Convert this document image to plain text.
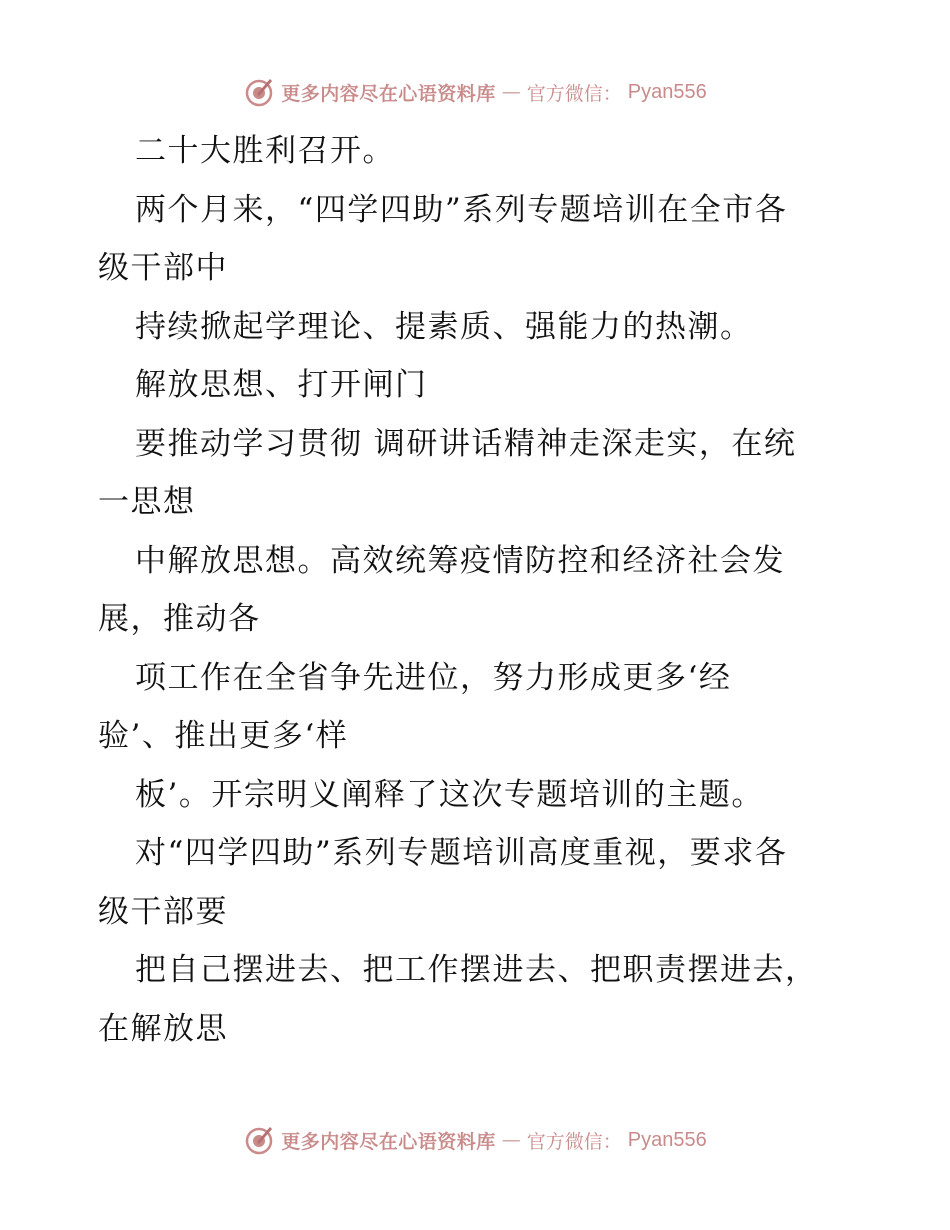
更多内容尽在心语资料库 — 官方微信： Pyan556
二十大胜利召开。
两个月来，“四学四助”系列专题培训在全市各
级干部中
持续掀起学理论、提素质、强能力的热潮。
解放思想、打开闸门
要推动学习贯彻 调研讲话精神走深走实，在统
一思想
中解放思想。高效统筹疫情防控和经济社会发
展，推动各
项工作在全省争先进位，努力形成更多‘经
验’、推出更多‘样
板’。开宗明义阐释了这次专题培训的主题。
对“四学四助”系列专题培训高度重视，要求各
级干部要
把自己摆进去、把工作摆进去、把职责摆进去，
在解放思
更多内容尽在心语资料库 — 官方微信： Pyan556
